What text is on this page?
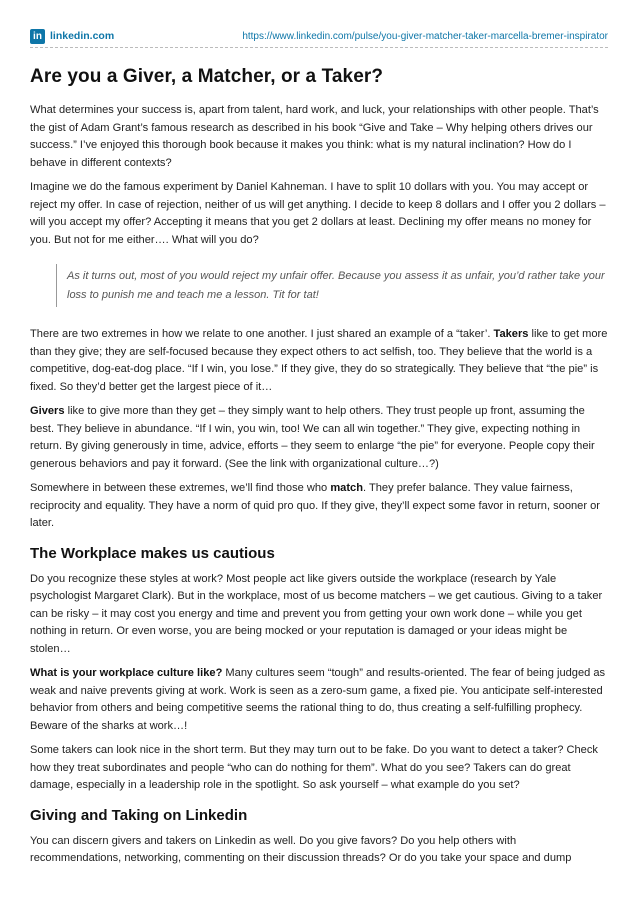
in linkedin.com	https://www.linkedin.com/pulse/you-giver-matcher-taker-marcella-bremer-inspirator
Are you a Giver, a Matcher, or a Taker?

What determines your success is, apart from talent, hard work, and luck, your relationships with other people. That’s the gist of Adam Grant’s famous research as described in his book “Give and Take – Why helping others drives our success.” I’ve enjoyed this thorough book because it makes you think: what is my natural inclination? How do I behave in different contexts?

Imagine we do the famous experiment by Daniel Kahneman. I have to split 10 dollars with you. You may accept or reject my offer. In case of rejection, neither of us will get anything. I decide to keep 8 dollars and I offer you 2 dollars – will you accept my offer? Accepting it means that you get 2 dollars at least. Declining my offer means no money for you. But not for me either…. What will you do?

As it turns out, most of you would reject my unfair offer. Because you assess it as unfair, you’d rather take your loss to punish me and teach me a lesson. Tit for tat!

There are two extremes in how we relate to one another. I just shared an example of a “taker’. Takers like to get more than they give; they are self-focused because they expect others to act selfish, too. They believe that the world is a competitive, dog-eat-dog place. “If I win, you lose.” If they give, they do so strategically. They believe that “the pie” is fixed. So they’d better get the largest piece of it…

Givers like to give more than they get – they simply want to help others. They trust people up front, assuming the best. They believe in abundance. “If I win, you win, too! We can all win together.” They give, expecting nothing in return. By giving generously in time, advice, efforts – they seem to enlarge “the pie” for everyone. People copy their generous behaviors and pay it forward. (See the link with organizational culture…?)

Somewhere in between these extremes, we’ll find those who match. They prefer balance. They value fairness, reciprocity and equality. They have a norm of quid pro quo. If they give, they’ll expect some favor in return, sooner or later.

The Workplace makes us cautious

Do you recognize these styles at work? Most people act like givers outside the workplace (research by Yale psychologist Margaret Clark). But in the workplace, most of us become matchers – we get cautious. Giving to a taker can be risky – it may cost you energy and time and prevent you from getting your own work done – while you get nothing in return. Or even worse, you are being mocked or your reputation is damaged or your ideas might be stolen…

What is your workplace culture like? Many cultures seem “tough” and results-oriented. The fear of being judged as weak and naive prevents giving at work. Work is seen as a zero-sum game, a fixed pie. You anticipate self-interested behavior from others and being competitive seems the rational thing to do, thus creating a self-fulfilling prophecy. Beware of the sharks at work…!

Some takers can look nice in the short term. But they may turn out to be fake. Do you want to detect a taker? Check how they treat subordinates and people “who can do nothing for them”. What do you see? Takers can do great damage, especially in a leadership role in the spotlight. So ask yourself – what example do you set?

Giving and Taking on Linkedin

You can discern givers and takers on Linkedin as well. Do you give favors? Do you help others with recommendations, networking, commenting on their discussion threads? Or do you take your space and dump
